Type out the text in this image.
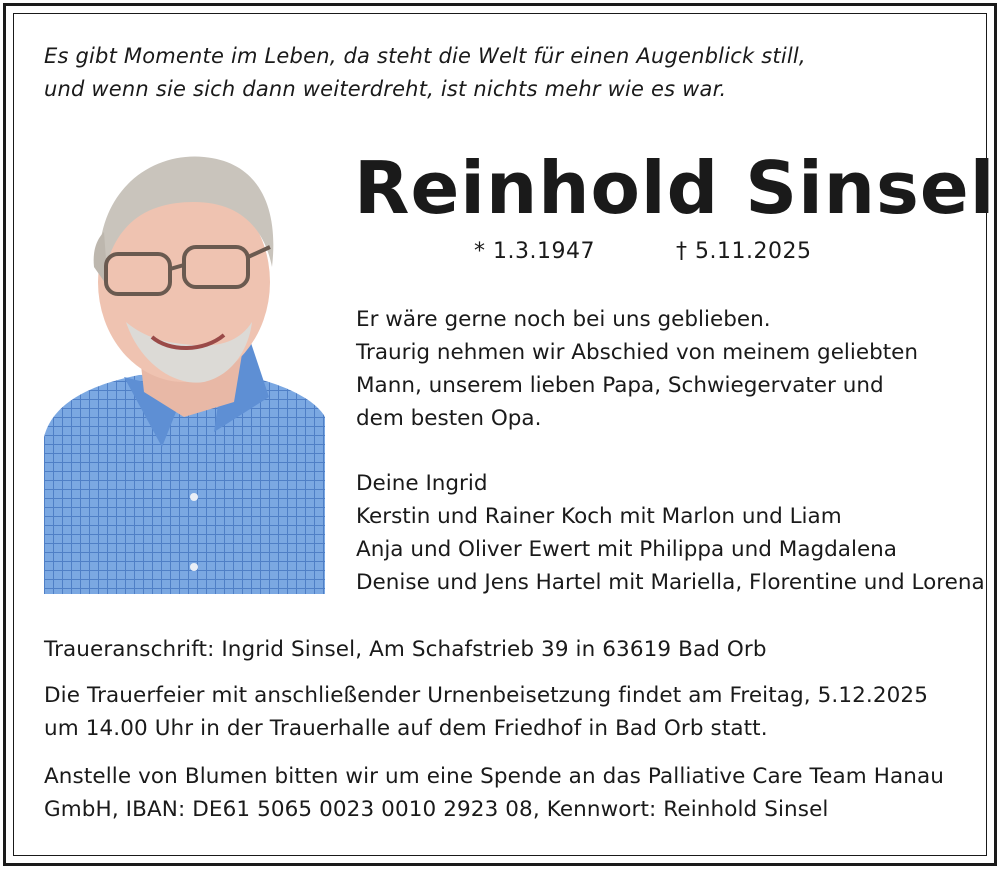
Es gibt Momente im Leben, da steht die Welt für einen Augenblick still,
und wenn sie sich dann weiterdreht, ist nichts mehr wie es war.
Reinhold Sinsel
* 1.3.1947	† 5.11.2025
Er wäre gerne noch bei uns geblieben.
Traurig nehmen wir Abschied von meinem geliebten
Mann, unserem lieben Papa, Schwiegervater und
dem besten Opa.
Deine Ingrid
Kerstin und Rainer Koch mit Marlon und Liam
Anja und Oliver Ewert mit Philippa und Magdalena
Denise und Jens Hartel mit Mariella, Florentine und Lorena
Traueranschrift: Ingrid Sinsel, Am Schafstrieb 39 in 63619 Bad Orb
Die Trauerfeier mit anschließender Urnenbeisetzung findet am Freitag, 5.12.2025
um 14.00 Uhr in der Trauerhalle auf dem Friedhof in Bad Orb statt.
Anstelle von Blumen bitten wir um eine Spende an das Palliative Care Team Hanau
GmbH, IBAN: DE61 5065 0023 0010 2923 08, Kennwort: Reinhold Sinsel
